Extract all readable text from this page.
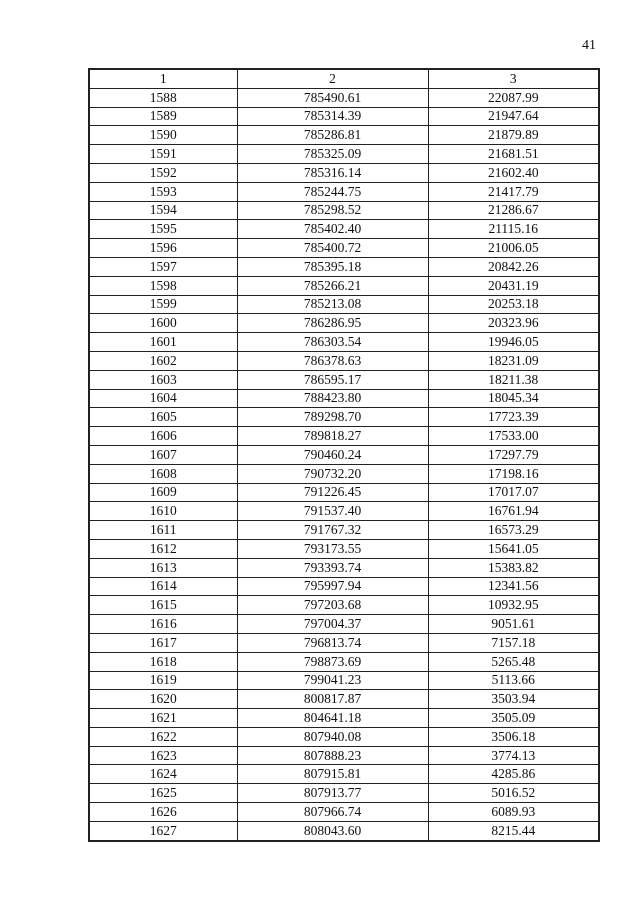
41
1	2	3
1588	785490.61	22087.99
1589	785314.39	21947.64
1590	785286.81	21879.89
1591	785325.09	21681.51
1592	785316.14	21602.40
1593	785244.75	21417.79
1594	785298.52	21286.67
1595	785402.40	21115.16
1596	785400.72	21006.05
1597	785395.18	20842.26
1598	785266.21	20431.19
1599	785213.08	20253.18
1600	786286.95	20323.96
1601	786303.54	19946.05
1602	786378.63	18231.09
1603	786595.17	18211.38
1604	788423.80	18045.34
1605	789298.70	17723.39
1606	789818.27	17533.00
1607	790460.24	17297.79
1608	790732.20	17198.16
1609	791226.45	17017.07
1610	791537.40	16761.94
1611	791767.32	16573.29
1612	793173.55	15641.05
1613	793393.74	15383.82
1614	795997.94	12341.56
1615	797203.68	10932.95
1616	797004.37	9051.61
1617	796813.74	7157.18
1618	798873.69	5265.48
1619	799041.23	5113.66
1620	800817.87	3503.94
1621	804641.18	3505.09
1622	807940.08	3506.18
1623	807888.23	3774.13
1624	807915.81	4285.86
1625	807913.77	5016.52
1626	807966.74	6089.93
1627	808043.60	8215.44
